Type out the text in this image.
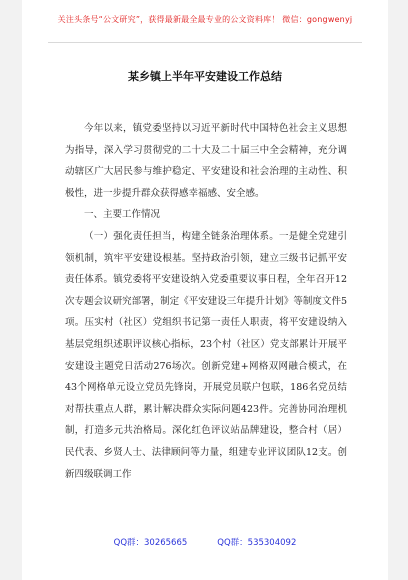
关注头条号“公文研究”，获得最新最全最专业的公文资料库！ 微信：gongwenyj
某乡镇上半年平安建设工作总结

今年以来，镇党委坚持以习近平新时代中国特色社会主义思想为指导，深入学习贯彻党的二十大及二十届三中全会精神，充分调动辖区广大居民参与维护稳定、平安建设和社会治理的主动性、积极性，进一步提升群众获得感幸福感、安全感。

一、主要工作情况

（一）强化责任担当，构建全链条治理体系。一是健全党建引领机制，筑牢平安建设根基。坚持政治引领，建立三级书记抓平安责任体系。镇党委将平安建设纳入党委重要议事日程，全年召开12次专题会议研究部署，制定《平安建设三年提升计划》等制度文件5项。压实村（社区）党组织书记第一责任人职责，将平安建设纳入基层党组织述职评议核心指标，23个村（社区）党支部累计开展平安建设主题党日活动276场次。创新党建+网格双网融合模式，在43个网格单元设立党员先锋岗，开展党员联户包联，186名党员结对帮扶重点人群，累计解决群众实际问题423件。完善协同治理机制，打造多元共治格局。深化红色评议站品牌建设，整合村（居）民代表、乡贤人士、法律顾问等力量，组建专业评议团队12支。创新四级联调工作

QQ群：30265665	QQ群：535304092
